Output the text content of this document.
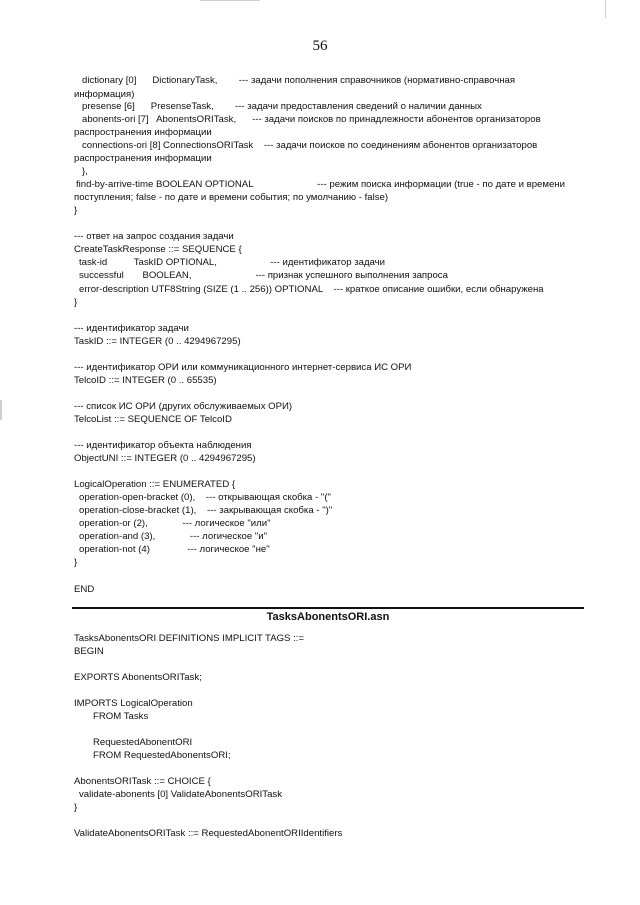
56
dictionary [0]      DictionaryTask,        --- задачи пополнения справочников (нормативно-справочная
информация)
presense [6]      PresenseTask,        --- задачи предоставления сведений о наличии данных
abonents-ori [7]   AbonentsORITask,      --- задачи поисков по принадлежности абонентов организаторов
распространения информации
connections-ori [8] ConnectionsORITask    --- задачи поисков по соединениям абонентов организаторов
распространения информации
},
find-by-arrive-time BOOLEAN OPTIONAL                        --- режим поиска информации (true - по дате и времени
поступления; false - по дате и времени события; по умолчанию - false)
}
--- ответ на запрос создания задачи
CreateTaskResponse ::= SEQUENCE {
task-id          TaskID OPTIONAL,                    --- идентификатор задачи
successful       BOOLEAN,                        --- признак успешного выполнения запроса
error-description UTF8String (SIZE (1 .. 256)) OPTIONAL    --- краткое описание ошибки, если обнаружена
}
--- идентификатор задачи
TaskID ::= INTEGER (0 .. 4294967295)
--- идентификатор ОРИ или коммуникационного интернет-сервиса ИС ОРИ
TelcoID ::= INTEGER (0 .. 65535)
--- список ИС ОРИ (других обслуживаемых ОРИ)
TelcoList ::= SEQUENCE OF TelcoID
--- идентификатор объекта наблюдения
ObjectUNI ::= INTEGER (0 .. 4294967295)
LogicalOperation ::= ENUMERATED {
operation-open-bracket (0),    --- открывающая скобка - "("
operation-close-bracket (1),    --- закрывающая скобка - ")"
operation-or (2),             --- логическое "или"
operation-and (3),             --- логическое "и"
operation-not (4)              --- логическое "не"
}
END
TasksAbonentsORI DEFINITIONS IMPLICIT TAGS ::=
BEGIN
EXPORTS AbonentsORITask;
IMPORTS LogicalOperation
FROM Tasks
RequestedAbonentORI
FROM RequestedAbonentsORI;
AbonentsORITask ::= CHOICE {
validate-abonents [0] ValidateAbonentsORITask
}
ValidateAbonentsORITask ::= RequestedAbonentORIIdentifiers
TasksAbonentsORI.asn
